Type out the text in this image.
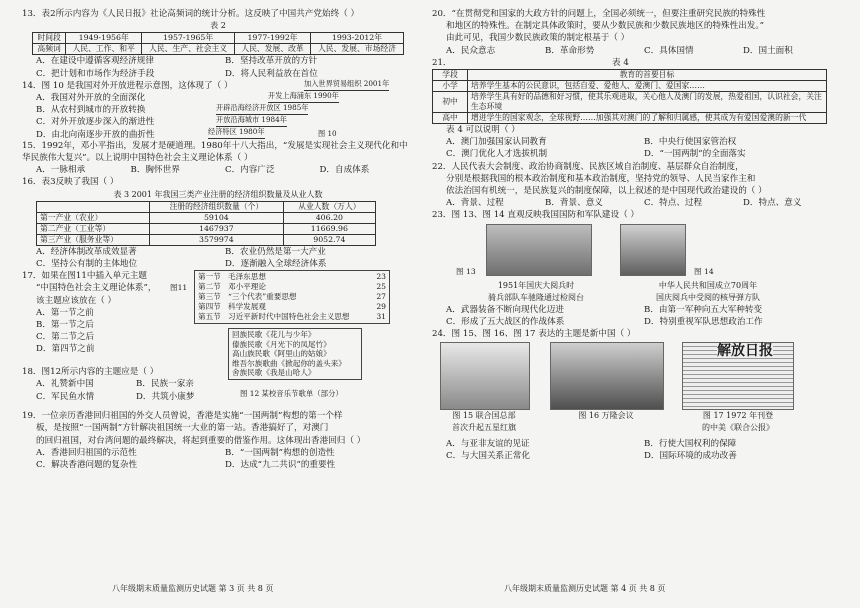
13．表2所示内容为《人民日报》社论高频词的统计分析。这反映了中国共产党始终（ ）

表 2
时间段	1949-1956年	1957-1965年	1977-1992年	1993-2012年
高频词	人民、工作、和平	人民、生产、社会主义	人民、发展、改革	人民、发展、市场经济
A．在建设中遵循客观经济规律	B．坚持改革开放的方针
C．把计划和市场作为经济手段	D．将人民利益放在首位

14．图 10 是我国对外开放进程示意图，这体现了（ ）

A．我国对外开放的全面深化
B．从农村到城市的开放转换
C．对外开放逐步深入的渐进性
D．由北向南逐步开放的曲折性	经济特区 1980年
开放沿海城市 1984年
开辟沿海经济开放区 1985年
开发上海浦东 1990年
加入世界贸易组织 2001年
图 10

15．1992年，邓小平指出，发展才是硬道理。1980年十八大指出，“发展是实现社会主义现代化和中华民族伟大复兴”。以上说明中国特色社会主义理论体系（ ）

A．一脉相承	B．胸怀世界	C．内容广泛	D．自成体系

16．表3反映了我国（ ）

表 3 2001 年我国三类产业注册的经济组织数量及从业人数
	注册的经济组织数量（个）	从业人数（万人）
第一产业（农业）	59104	406.20
第二产业（工业等）	1467937	11669.96
第三产业（服务业等）	3579974	9052.74
A．经济体制改革成效显著	B．农业仍然是第一大产业
C．坚持公有制的主体地位	D．逐渐融入全球经济体系
17．如果在图11中插入单元主题
“中国特色社会主义理论体系”，
该主题应该放在（ ）
A．第一节之前
B．第一节之后
C．第二节之后
D．第四节之前
图11
第一节 毛泽东思想	23
第二节 邓小平理论	25
第三节 “三个代表”重要思想	27
第四节 科学发展观	29
第五节 习近平新时代中国特色社会主义思想	31
回族民歌《花儿与少年》
傣族民歌《月光下的凤尾竹》
高山族民歌《阿里山的姑娘》
维吾尔族歌曲《掀起你的盖头来》
舍族民歌《我是山哈人》

18．图12所示内容的主题应是（ ）

A．礼赞新中国	B．民族一家亲
C．军民鱼水情	D．共筑小康梦	图 12 某校音乐节歌单（部分）
19．一位亲历香港回归祖国的外交人员曾说，香港是实施“一国两制”构想的第一个样
板，是按照“一国两制”方针解决祖国统一大业的第一站。香港搞好了，对澳门
的回归祖国，对台湾问题的最终解决，将起到重要的借鉴作用。这体现出香港回归（ ）
A．香港回归祖国的示范性	B．“一国两制”构想的创造性
C．解决香港问题的复杂性	D．达成“九二共识”的重要性
八年级期末质量监测历史试题 第 3 页 共 8 页
20．“在贯彻党和国家的大政方针的问题上，全国必须统一，但要注重研究民族的特殊性
和地区的特殊性。在制定具体政策时，要从少数民族和少数民族地区的特殊性出发。”
由此可见，我国少数民族政策的制定根基于（ ）
A．民众意志	B．革命形势	C．具体国情	D．国土面积
21．	表 4
学段	教育的首要目标
小学	培养学生基本的公民意识，包括自爱、爱他人、爱澳门、爱国家……
初中	培养学生具有好的品德和好习惯，使其乐观进取，关心他人及澳门的发展，热爱祖国，认识社会，关注生态环境
高中	增进学生的国家观念，全球视野……加强其对澳门的了解和归属感，使其成为有爱国爱澳的新一代

表 4 可以说明（ ）

A．澳门加强国家认同教育	B．中央行使国家管治权
C．澳门优化人才选拔机制	D．“一国两制”的全面落实
22．人民代表大会制度、政治协商制度、民族区域自治制度、基层群众自治制度，
分别是根据我国的根本政治制度和基本政治制度，坚持党的领导、人民当家作主和
依法治国有机统一，是民族复兴的制度保障，以上叙述的是中国现代政治建设的（ ）
A．背景、过程	B．背景、意义	C．特点、过程	D．特点、意义

23．图 13、图 14 直观反映我国国防和军队建设（ ）

图 13	图 14
1951年国庆大阅兵时
骑兵部队车驰隆通过检阅台
中华人民共和国成立70周年
国庆阅兵中受阅的核导弹方队
A．武器装备不断向现代化迈进	B．由第一军种向五大军种转变
C．形成了五大战区的作战体系	D．特别重视军队思想政治工作

24．图 15、图 16、图 17 表达的主题是新中国（ ）

解放日报
图 15 联合国总部
首次升起五星红旗
图 16 万隆会议	图 17 1972 年刊登
的中美《联合公报》
A．与亚非友谊的见证	B．行使大国权利的保障
C．与大国关系正常化	D．国际环境的成功改善
八年级期末质量监测历史试题 第 4 页 共 8 页
